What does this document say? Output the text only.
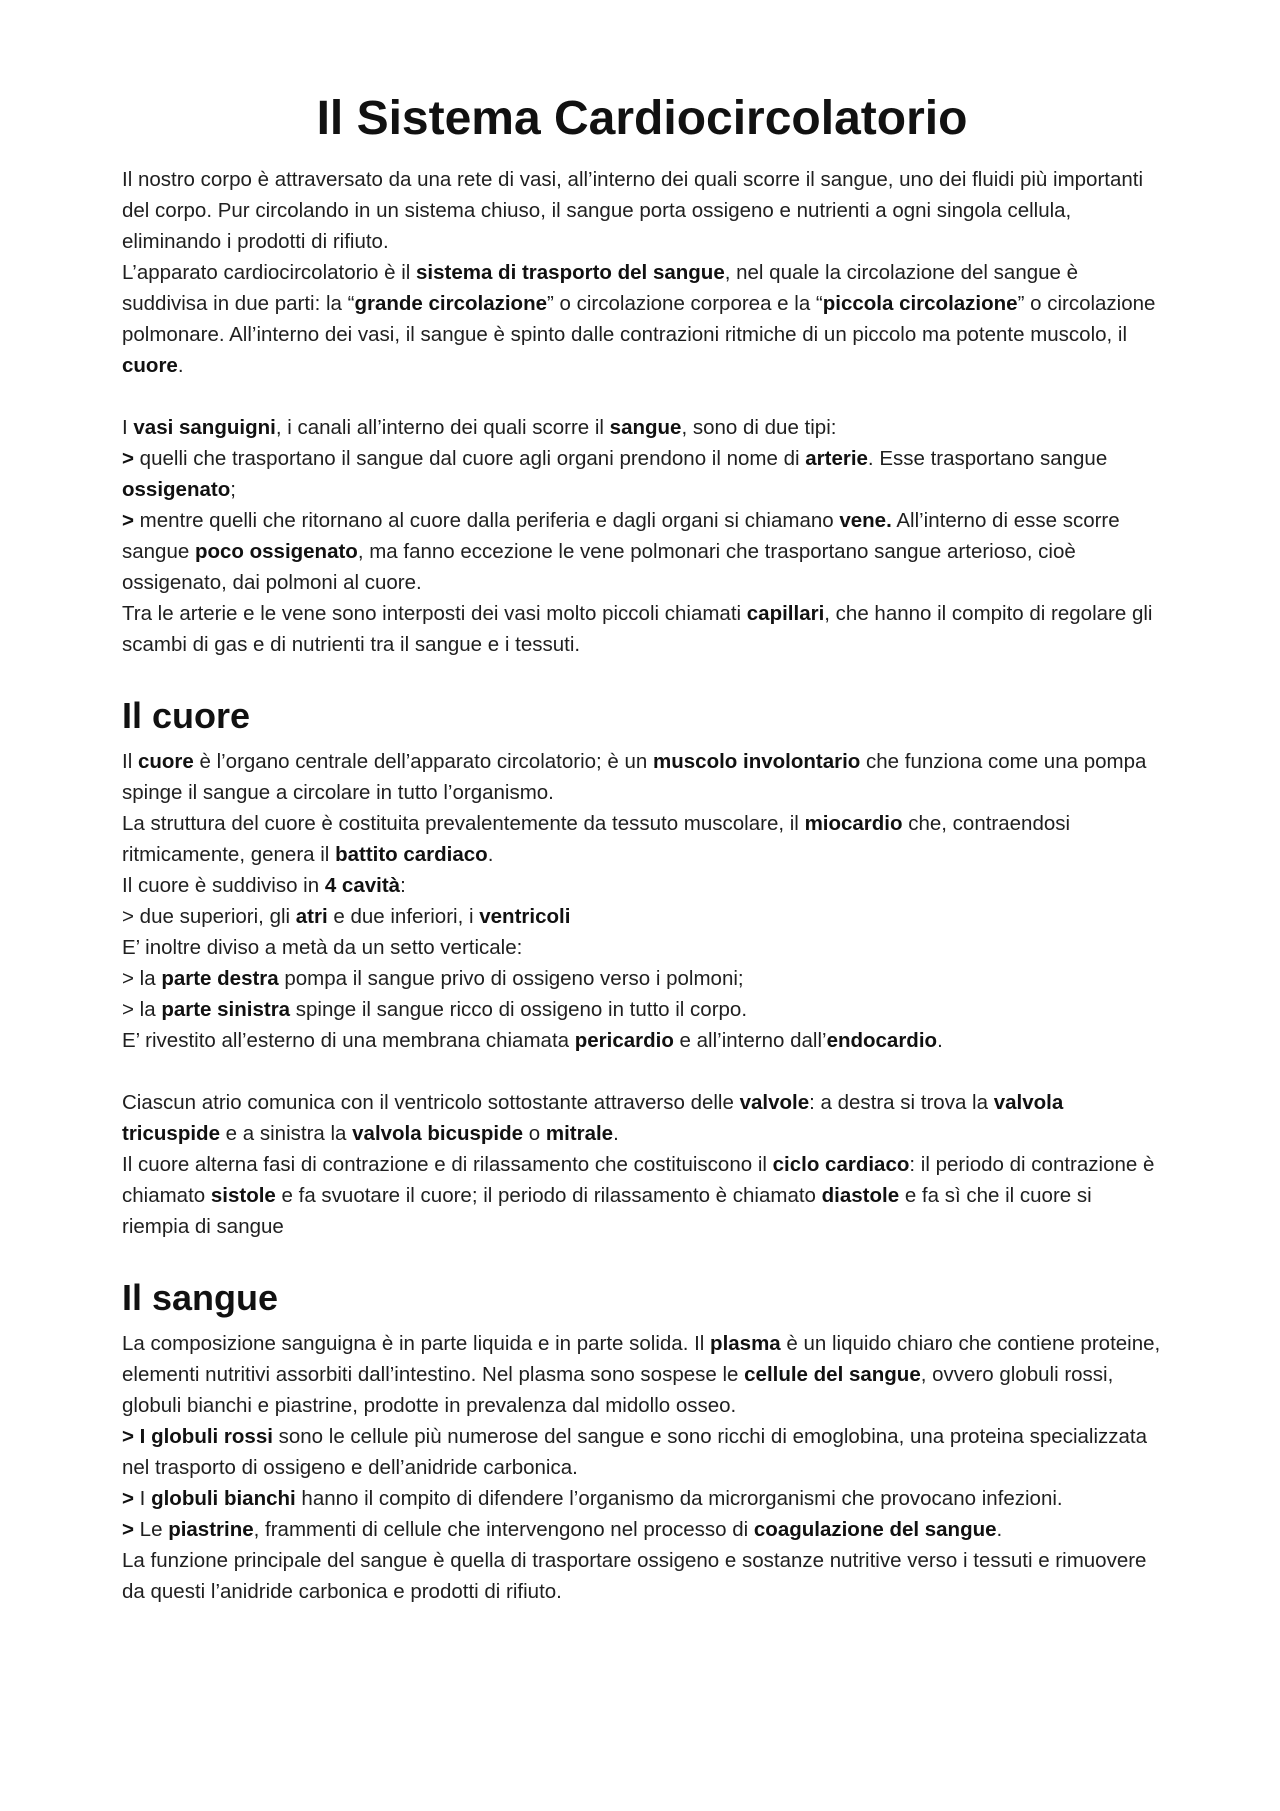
Il Sistema Cardiocircolatorio

Il nostro corpo è attraversato da una rete di vasi, all’interno dei quali scorre il sangue, uno dei fluidi più importanti del corpo. Pur circolando in un sistema chiuso, il sangue porta ossigeno e nutrienti a ogni singola cellula, eliminando i prodotti di rifiuto.

L’apparato cardiocircolatorio è il sistema di trasporto del sangue, nel quale la circolazione del sangue è suddivisa in due parti: la “grande circolazione” o circolazione corporea e la “piccola circolazione” o circolazione polmonare. All’interno dei vasi, il sangue è spinto dalle contrazioni ritmiche di un piccolo ma potente muscolo, il cuore.

I vasi sanguigni, i canali all’interno dei quali scorre il sangue, sono di due tipi:

> quelli che trasportano il sangue dal cuore agli organi prendono il nome di arterie. Esse trasportano sangue ossigenato;

> mentre quelli che ritornano al cuore dalla periferia e dagli organi si chiamano vene. All’interno di esse scorre sangue poco ossigenato, ma fanno eccezione le vene polmonari che trasportano sangue arterioso, cioè ossigenato, dai polmoni al cuore.

Tra le arterie e le vene sono interposti dei vasi molto piccoli chiamati capillari, che hanno il compito di regolare gli scambi di gas e di nutrienti tra il sangue e i tessuti.

Il cuore

Il cuore è l’organo centrale dell’apparato circolatorio; è un muscolo involontario che funziona come una pompa spinge il sangue a circolare in tutto l’organismo.

La struttura del cuore è costituita prevalentemente da tessuto muscolare, il miocardio che, contraendosi ritmicamente, genera il battito cardiaco.

Il cuore è suddiviso in 4 cavità:

> due superiori, gli atri e due inferiori, i ventricoli

E’ inoltre diviso a metà da un setto verticale:

> la parte destra pompa il sangue privo di ossigeno verso i polmoni;

> la parte sinistra spinge il sangue ricco di ossigeno in tutto il corpo.

E’ rivestito all’esterno di una membrana chiamata pericardio e all’interno dall’endocardio.

Ciascun atrio comunica con il ventricolo sottostante attraverso delle valvole: a destra si trova la valvola tricuspide e a sinistra la valvola bicuspide o mitrale.

Il cuore alterna fasi di contrazione e di rilassamento che costituiscono il ciclo cardiaco: il periodo di contrazione è chiamato sistole e fa svuotare il cuore; il periodo di rilassamento è chiamato diastole e fa sì che il cuore si riempia di sangue

Il sangue

La composizione sanguigna è in parte liquida e in parte solida. Il plasma è un liquido chiaro che contiene proteine, elementi nutritivi assorbiti dall’intestino. Nel plasma sono sospese le cellule del sangue, ovvero globuli rossi, globuli bianchi e piastrine, prodotte in prevalenza dal midollo osseo.

> I globuli rossi sono le cellule più numerose del sangue e sono ricchi di emoglobina, una proteina specializzata nel trasporto di ossigeno e dell’anidride carbonica.

> I globuli bianchi hanno il compito di difendere l’organismo da microrganismi che provocano infezioni.

> Le piastrine, frammenti di cellule che intervengono nel processo di coagulazione del sangue.

La funzione principale del sangue è quella di trasportare ossigeno e sostanze nutritive verso i tessuti e rimuovere da questi l’anidride carbonica e prodotti di rifiuto.
